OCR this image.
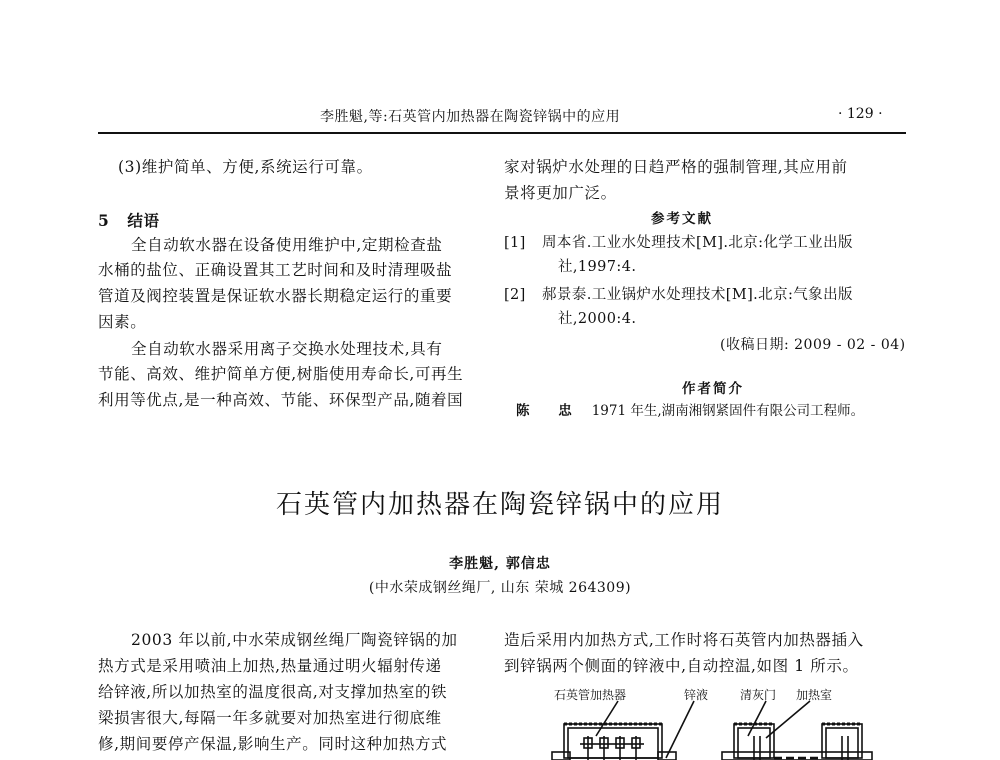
李胜魁,等:石英管内加热器在陶瓷锌锅中的应用	· 129 ·
(3)维护简单、方便,系统运行可靠。
5 结语
全自动软水器在设备使用维护中,定期检查盐
水桶的盐位、正确设置其工艺时间和及时清理吸盐
管道及阀控装置是保证软水器长期稳定运行的重要
因素。
全自动软水器采用离子交换水处理技术,具有
节能、高效、维护简单方便,树脂使用寿命长,可再生
利用等优点,是一种高效、节能、环保型产品,随着国
家对锅炉水处理的日趋严格的强制管理,其应用前
景将更加广泛。
参考文献
[1] 周本省.工业水处理技术[M].北京:化学工业出版
社,1997:4.
[2] 郝景泰.工业锅炉水处理技术[M].北京:气象出版
社,2000:4.
(收稿日期: 2009 - 02 - 04)
作者简介
陈 忠 1971 年生,湖南湘钢紧固件有限公司工程师。
石英管内加热器在陶瓷锌锅中的应用
李胜魁, 郭信忠
(中水荣成钢丝绳厂, 山东 荣城 264309)
2003 年以前,中水荣成钢丝绳厂陶瓷锌锅的加
热方式是采用喷油上加热,热量通过明火辐射传递
给锌液,所以加热室的温度很高,对支撑加热室的铁
梁损害很大,每隔一年多就要对加热室进行彻底维
修,期间要停产保温,影响生产。同时这种加热方式
造后采用内加热方式,工作时将石英管内加热器插入
到锌锅两个侧面的锌液中,自动控温,如图 1 所示。
石英管加热器	锌液	清灰门 加热室
